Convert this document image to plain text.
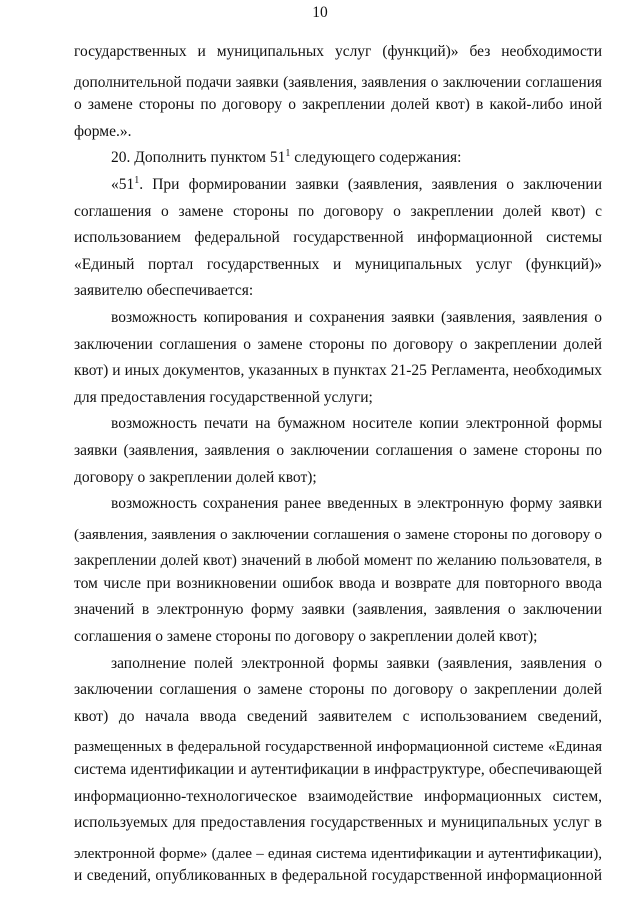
10
государственных и муниципальных услуг (функций)» без необходимости
дополнительной подачи заявки (заявления, заявления о заключении соглашения
о замене стороны по договору о закреплении долей квот) в какой-либо иной
форме.».
20. Дополнить пунктом $51^1$ следующего содержания:
«$51^1$. При формировании заявки (заявления, заявления о заключении
соглашения о замене стороны по договору о закреплении долей квот) с
использованием федеральной государственной информационной системы
«Единый портал государственных и муниципальных услуг (функций)»
заявителю обеспечивается:
возможность копирования и сохранения заявки (заявления, заявления о
заключении соглашения о замене стороны по договору о закреплении долей
квот) и иных документов, указанных в пунктах 21-25 Регламента, необходимых
для предоставления государственной услуги;
возможность печати на бумажном носителе копии электронной формы
заявки (заявления, заявления о заключении соглашения о замене стороны по
договору о закреплении долей квот);
возможность сохранения ранее введенных в электронную форму заявки
(заявления, заявления о заключении соглашения о замене стороны по договору о
закреплении долей квот) значений в любой момент по желанию пользователя, в
том числе при возникновении ошибок ввода и возврате для повторного ввода
значений в электронную форму заявки (заявления, заявления о заключении
соглашения о замене стороны по договору о закреплении долей квот);
заполнение полей электронной формы заявки (заявления, заявления о
заключении соглашения о замене стороны по договору о закреплении долей
квот) до начала ввода сведений заявителем с использованием сведений,
размещенных в федеральной государственной информационной системе «Единая
система идентификации и аутентификации в инфраструктуре, обеспечивающей
информационно-технологическое взаимодействие информационных систем,
используемых для предоставления государственных и муниципальных услуг в
электронной форме» (далее – единая система идентификации и аутентификации),
и сведений, опубликованных в федеральной государственной информационной
